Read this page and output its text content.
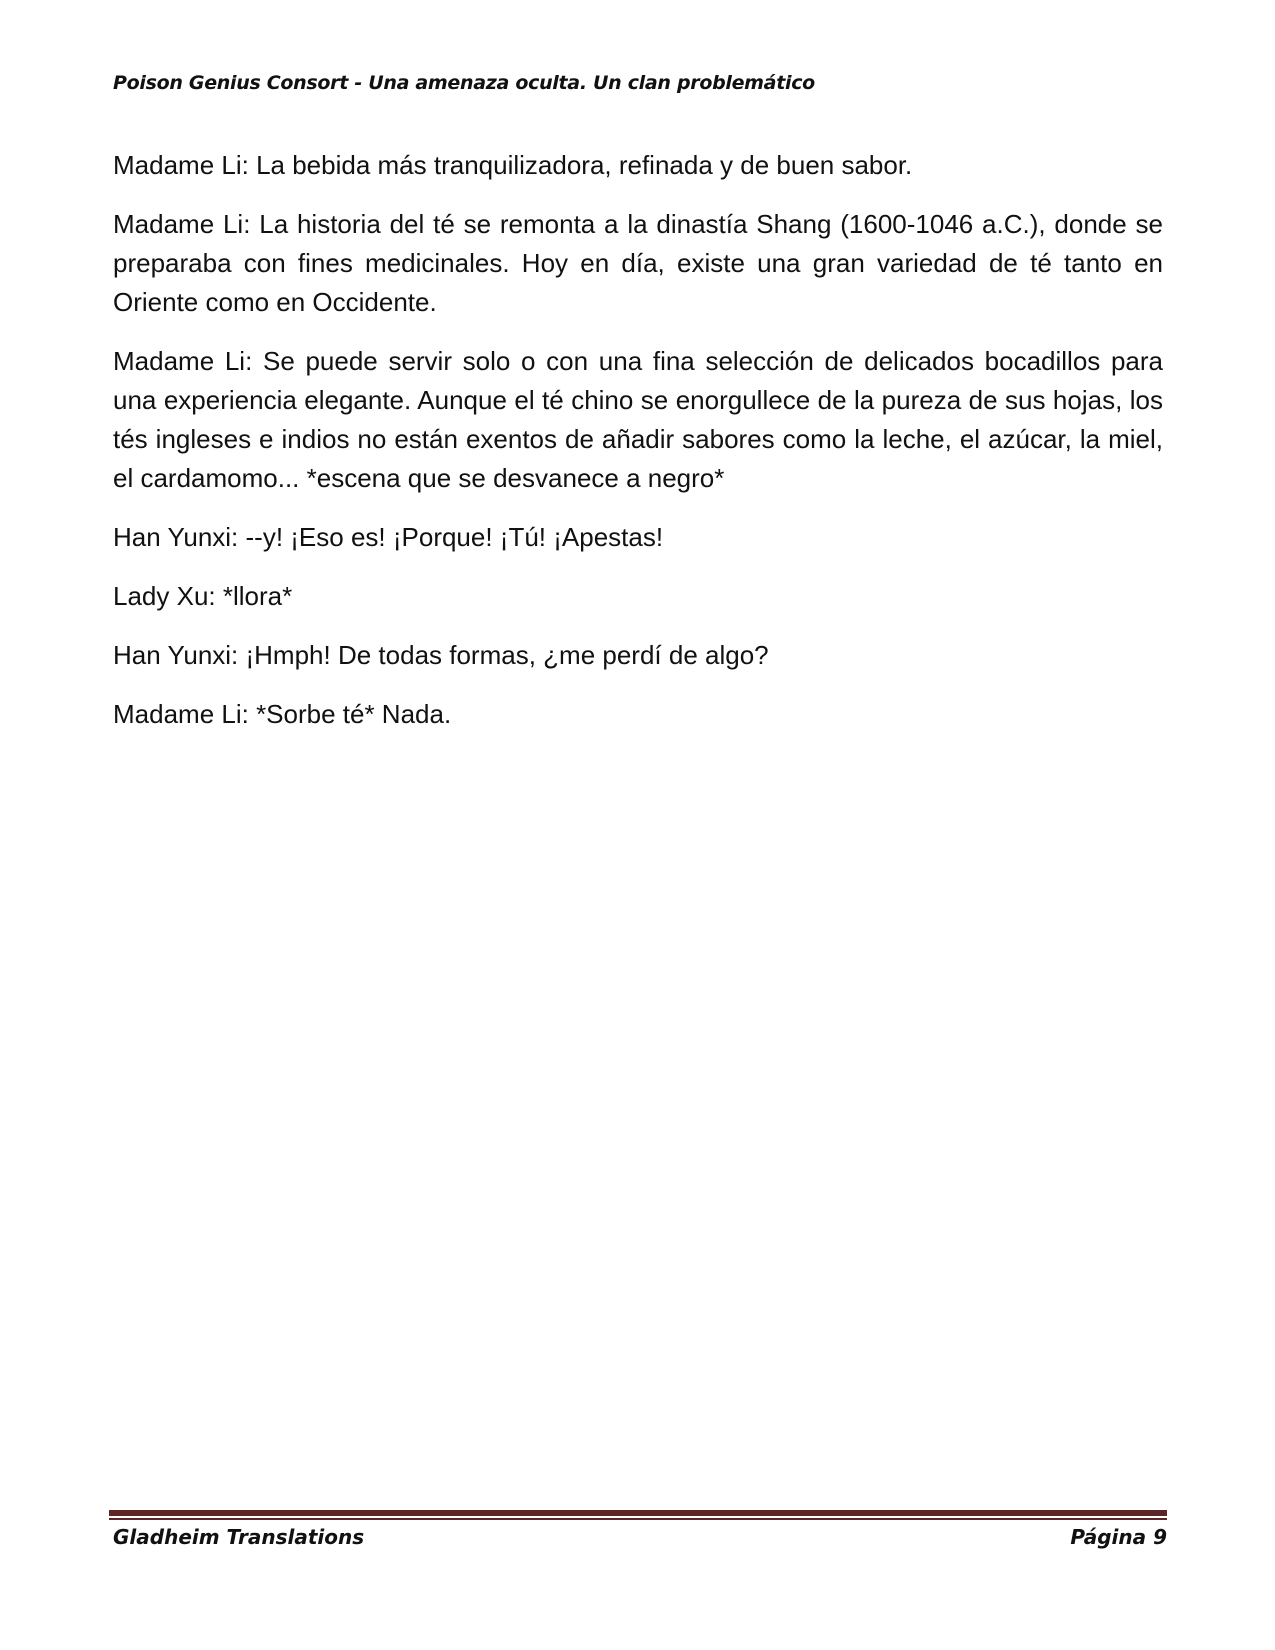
Poison Genius Consort - Una amenaza oculta. Un clan problemático

Madame Li: La bebida más tranquilizadora, refinada y de buen sabor.

Madame Li: La historia del té se remonta a la dinastía Shang (1600-1046 a.C.), donde se preparaba con fines medicinales. Hoy en día, existe una gran variedad de té tanto en Oriente como en Occidente.

Madame Li: Se puede servir solo o con una fina selección de delicados bocadillos para una experiencia elegante. Aunque el té chino se enorgullece de la pureza de sus hojas, los tés ingleses e indios no están exentos de añadir sabores como la leche, el azúcar, la miel, el cardamomo... *escena que se desvanece a negro*

Han Yunxi: --y! ¡Eso es! ¡Porque! ¡Tú! ¡Apestas!

Lady Xu: *llora*

Han Yunxi: ¡Hmph! De todas formas, ¿me perdí de algo?

Madame Li: *Sorbe té* Nada.

Gladheim Translations	Página 9
